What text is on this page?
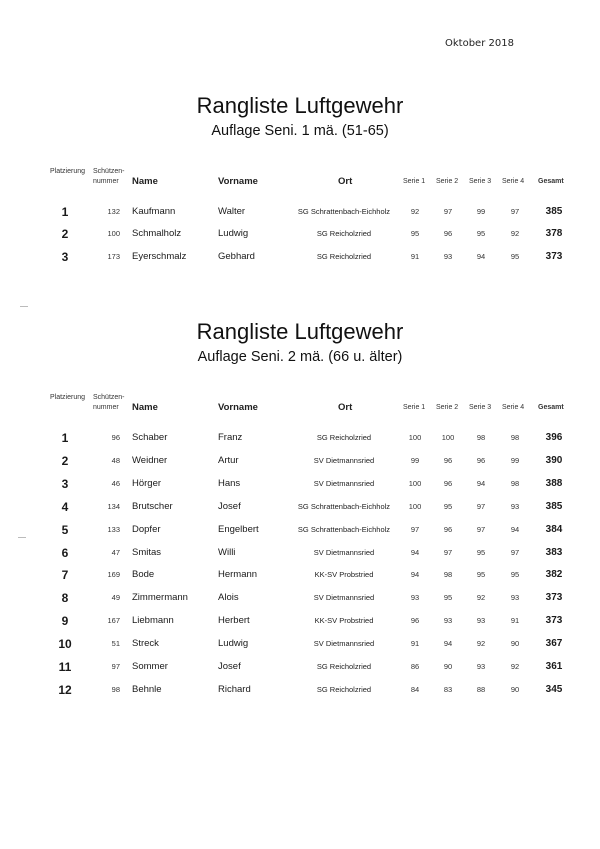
Oktober 2018
Rangliste Luftgewehr
Auflage Seni. 1 mä. (51-65)
Platzierung Schützen-
nummer Name	Vorname	Ort	Serie 1 Serie 2 Serie 3 Serie 4 Gesamt
1	132 Kaufmann	Walter	SG Schrattenbach-Eichholz	92	97	99	97	385
2	100 Schmalholz	Ludwig	SG Reicholzried	95	96	95	92	378
3	173 Eyerschmalz	Gebhard	SG Reicholzried	91	93	94	95	373
Rangliste Luftgewehr
Auflage Seni. 2 mä. (66 u. älter)
Platzierung Schützen-
nummer Name	Vorname	Ort	Serie 1 Serie 2 Serie 3 Serie 4 Gesamt
1	96 Schaber	Franz	SG Reicholzried	100	100	98	98	396
2	48 Weidner	Artur	SV Dietmannsried	99	96	96	99	390
3	46 Hörger	Hans	SV Dietmannsried	100	96	94	98	388
4	134 Brutscher	Josef	SG Schrattenbach-Eichholz	100	95	97	93	385
5	133 Dopfer	Engelbert	SG Schrattenbach-Eichholz	97	96	97	94	384
6	47 Smitas	Willi	SV Dietmannsried	94	97	95	97	383
7	169 Bode	Hermann	KK-SV Probstried	94	98	95	95	382
8	49 Zimmermann	Alois	SV Dietmannsried	93	95	92	93	373
9	167 Liebmann	Herbert	KK-SV Probstried	96	93	93	91	373
10	51 Streck	Ludwig	SV Dietmannsried	91	94	92	90	367
11	97 Sommer	Josef	SG Reicholzried	86	90	93	92	361
12	98 Behnle	Richard	SG Reicholzried	84	83	88	90	345
